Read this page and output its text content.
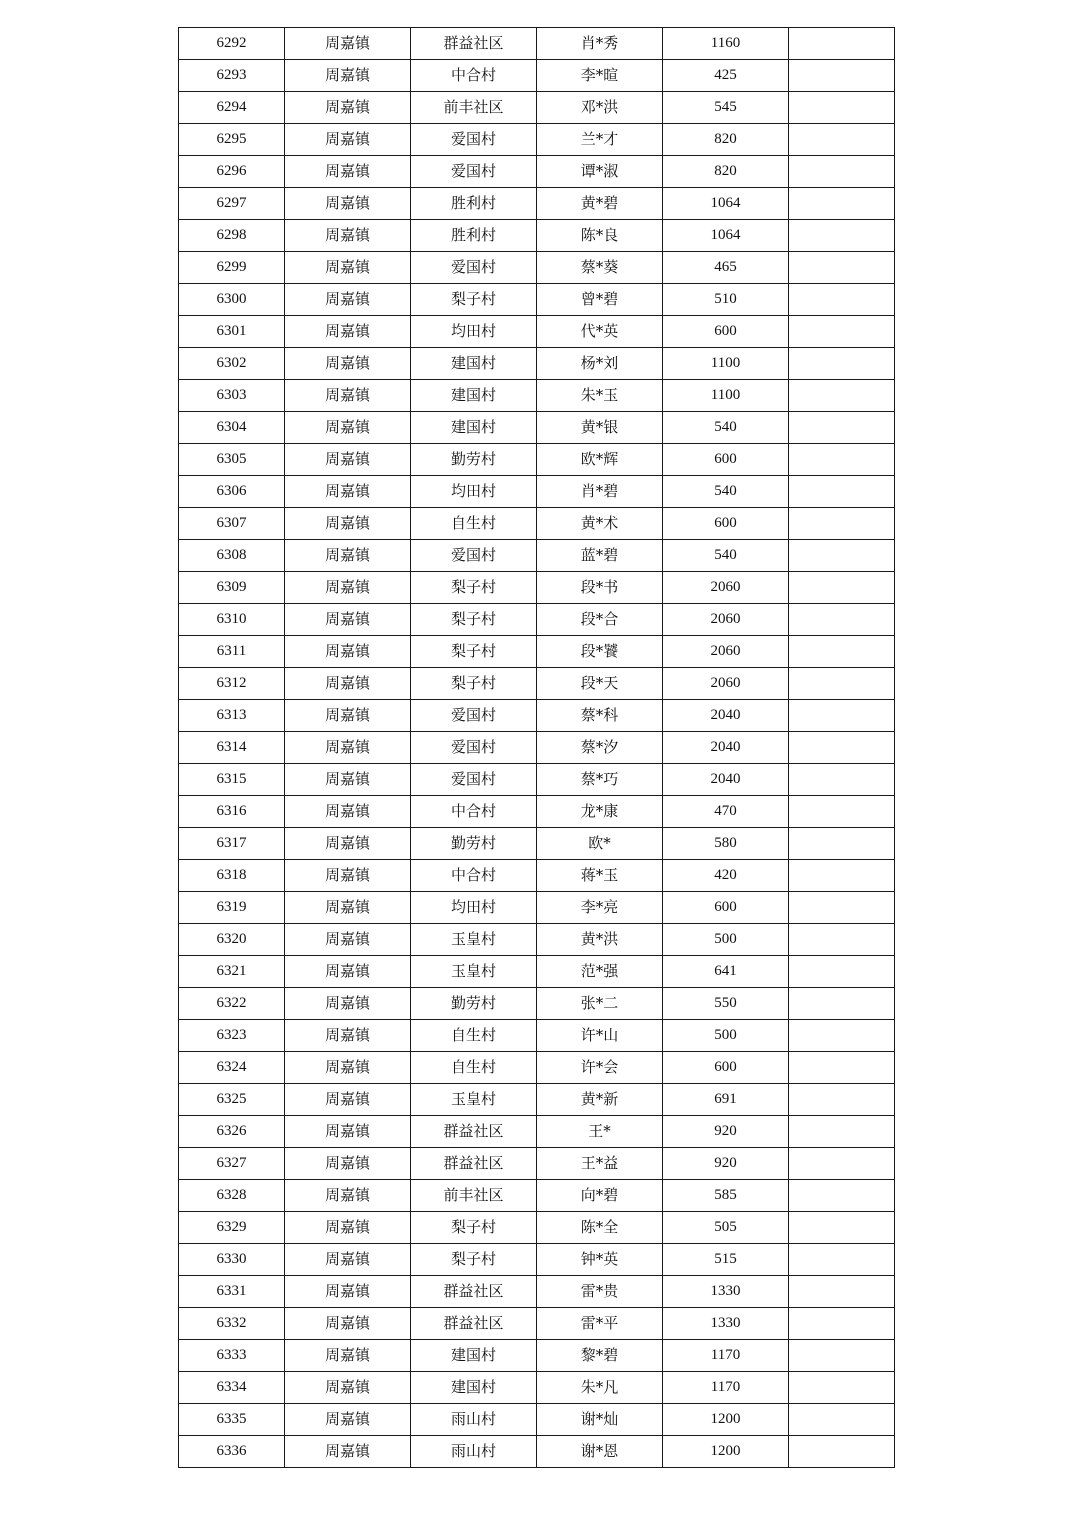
6292	周嘉镇	群益社区	肖*秀	1160	
6293	周嘉镇	中合村	李*暄	425	
6294	周嘉镇	前丰社区	邓*洪	545	
6295	周嘉镇	爱国村	兰*才	820	
6296	周嘉镇	爱国村	谭*淑	820	
6297	周嘉镇	胜利村	黄*碧	1064	
6298	周嘉镇	胜利村	陈*良	1064	
6299	周嘉镇	爱国村	蔡*葵	465	
6300	周嘉镇	梨子村	曾*碧	510	
6301	周嘉镇	均田村	代*英	600	
6302	周嘉镇	建国村	杨*刘	1100	
6303	周嘉镇	建国村	朱*玉	1100	
6304	周嘉镇	建国村	黄*银	540	
6305	周嘉镇	勤劳村	欧*辉	600	
6306	周嘉镇	均田村	肖*碧	540	
6307	周嘉镇	自生村	黄*术	600	
6308	周嘉镇	爱国村	蓝*碧	540	
6309	周嘉镇	梨子村	段*书	2060	
6310	周嘉镇	梨子村	段*合	2060	
6311	周嘉镇	梨子村	段*饕	2060	
6312	周嘉镇	梨子村	段*天	2060	
6313	周嘉镇	爱国村	蔡*科	2040	
6314	周嘉镇	爱国村	蔡*汐	2040	
6315	周嘉镇	爱国村	蔡*巧	2040	
6316	周嘉镇	中合村	龙*康	470	
6317	周嘉镇	勤劳村	欧*	580	
6318	周嘉镇	中合村	蒋*玉	420	
6319	周嘉镇	均田村	李*亮	600	
6320	周嘉镇	玉皇村	黄*洪	500	
6321	周嘉镇	玉皇村	范*强	641	
6322	周嘉镇	勤劳村	张*二	550	
6323	周嘉镇	自生村	许*山	500	
6324	周嘉镇	自生村	许*会	600	
6325	周嘉镇	玉皇村	黄*新	691	
6326	周嘉镇	群益社区	王*	920	
6327	周嘉镇	群益社区	王*益	920	
6328	周嘉镇	前丰社区	向*碧	585	
6329	周嘉镇	梨子村	陈*全	505	
6330	周嘉镇	梨子村	钟*英	515	
6331	周嘉镇	群益社区	雷*贵	1330	
6332	周嘉镇	群益社区	雷*平	1330	
6333	周嘉镇	建国村	黎*碧	1170	
6334	周嘉镇	建国村	朱*凡	1170	
6335	周嘉镇	雨山村	谢*灿	1200	
6336	周嘉镇	雨山村	谢*恩	1200	
